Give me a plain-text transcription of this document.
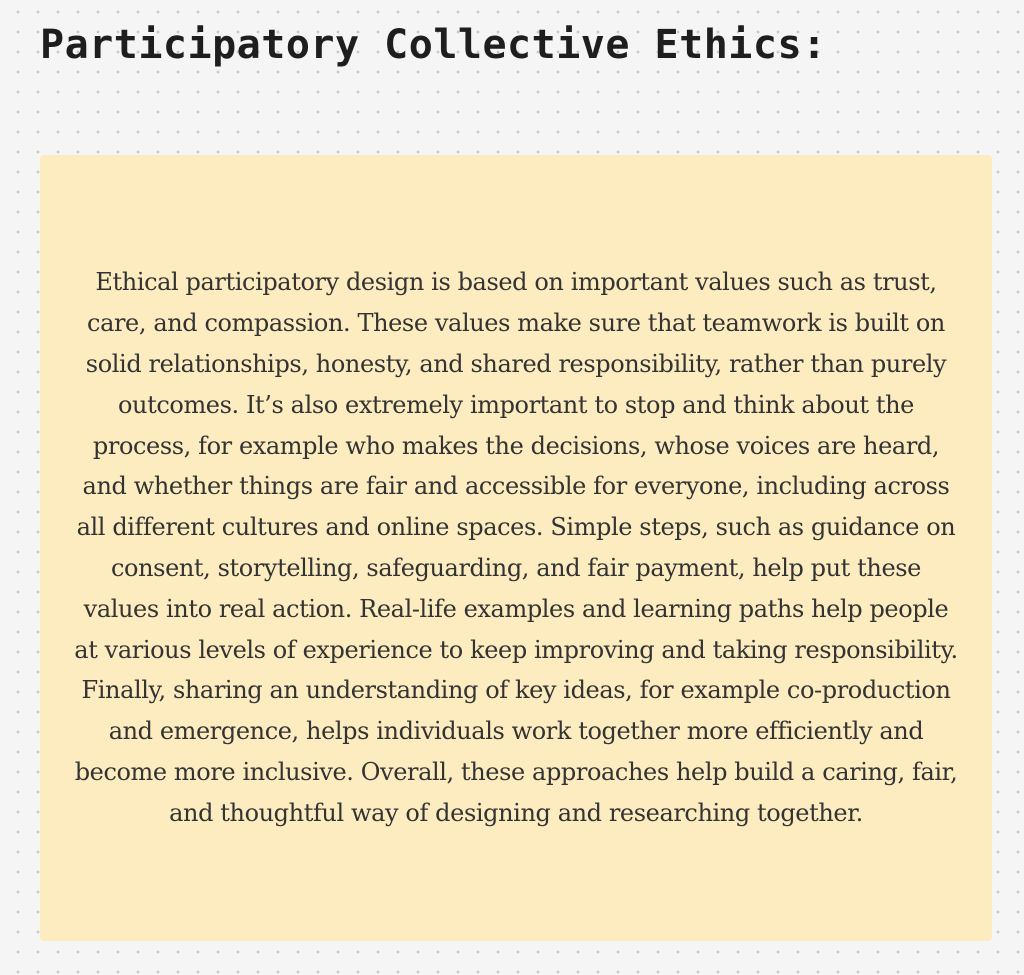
Participatory Collective Ethics:

Ethical participatory design is based on important values such as trust, care, and compassion. These values make sure that teamwork is built on solid relationships, honesty, and shared responsibility, rather than purely outcomes. It’s also extremely important to stop and think about the process, for example who makes the decisions, whose voices are heard, and whether things are fair and accessible for everyone, including across all different cultures and online spaces. Simple steps, such as guidance on consent, storytelling, safeguarding, and fair payment, help put these values into real action. Real-life examples and learning paths help people at various levels of experience to keep improving and taking responsibility. Finally, sharing an understanding of key ideas, for example co-production and emergence, helps individuals work together more efficiently and become more inclusive. Overall, these approaches help build a caring, fair, and thoughtful way of designing and researching together.
